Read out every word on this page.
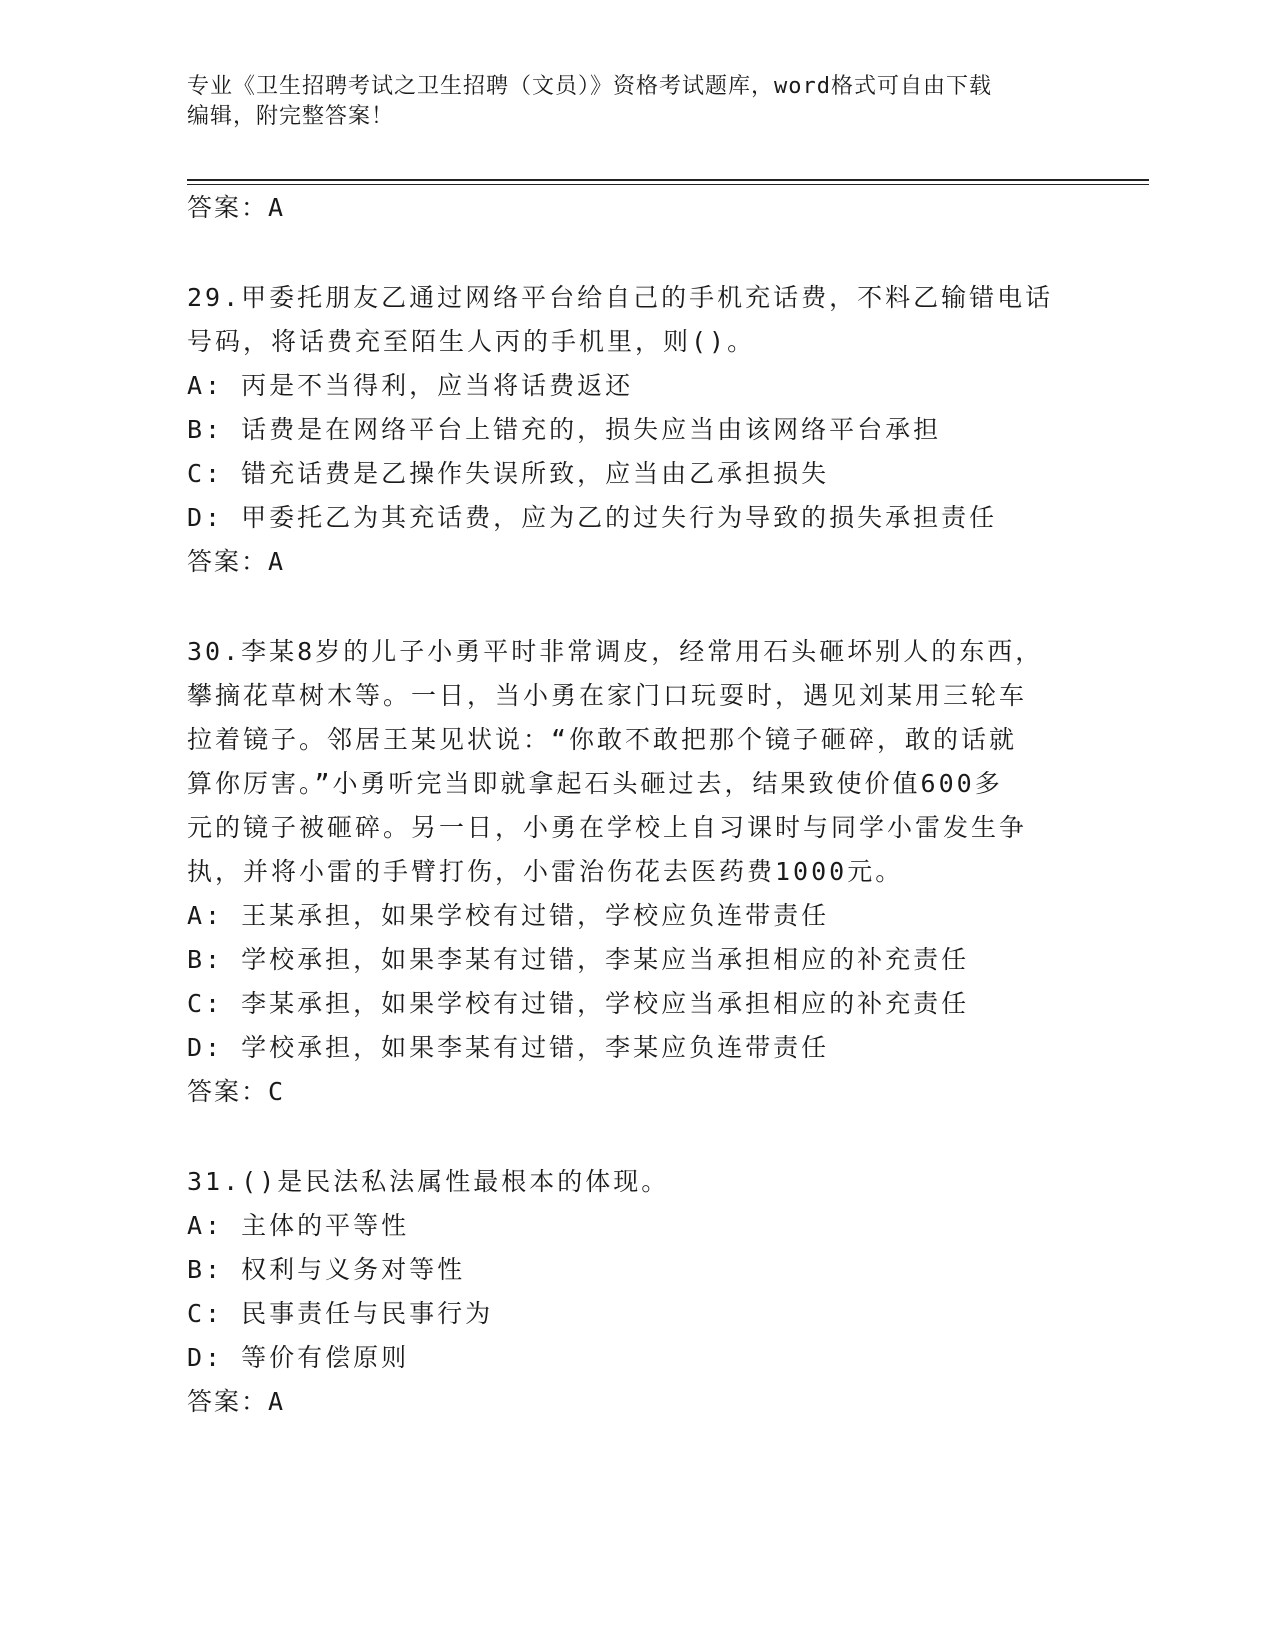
专业《卫生招聘考试之卫生招聘（文员）》资格考试题库，word格式可自由下载
编辑，附完整答案！
答案：A
29.甲委托朋友乙通过网络平台给自己的手机充话费，不料乙输错电话
号码，将话费充至陌生人丙的手机里，则()。
A: 丙是不当得利，应当将话费返还
B: 话费是在网络平台上错充的，损失应当由该网络平台承担
C: 错充话费是乙操作失误所致，应当由乙承担损失
D: 甲委托乙为其充话费，应为乙的过失行为导致的损失承担责任
答案：A
30.李某8岁的儿子小勇平时非常调皮，经常用石头砸坏别人的东西，
攀摘花草树木等。一日，当小勇在家门口玩耍时，遇见刘某用三轮车
拉着镜子。邻居王某见状说：“你敢不敢把那个镜子砸碎，敢的话就
算你厉害。”小勇听完当即就拿起石头砸过去，结果致使价值600多
元的镜子被砸碎。另一日，小勇在学校上自习课时与同学小雷发生争
执，并将小雷的手臂打伤，小雷治伤花去医药费1000元。
A: 王某承担，如果学校有过错，学校应负连带责任
B: 学校承担，如果李某有过错，李某应当承担相应的补充责任
C: 李某承担，如果学校有过错，学校应当承担相应的补充责任
D: 学校承担，如果李某有过错，李某应负连带责任
答案：C
31.()是民法私法属性最根本的体现。
A: 主体的平等性
B: 权利与义务对等性
C: 民事责任与民事行为
D: 等价有偿原则
答案：A
